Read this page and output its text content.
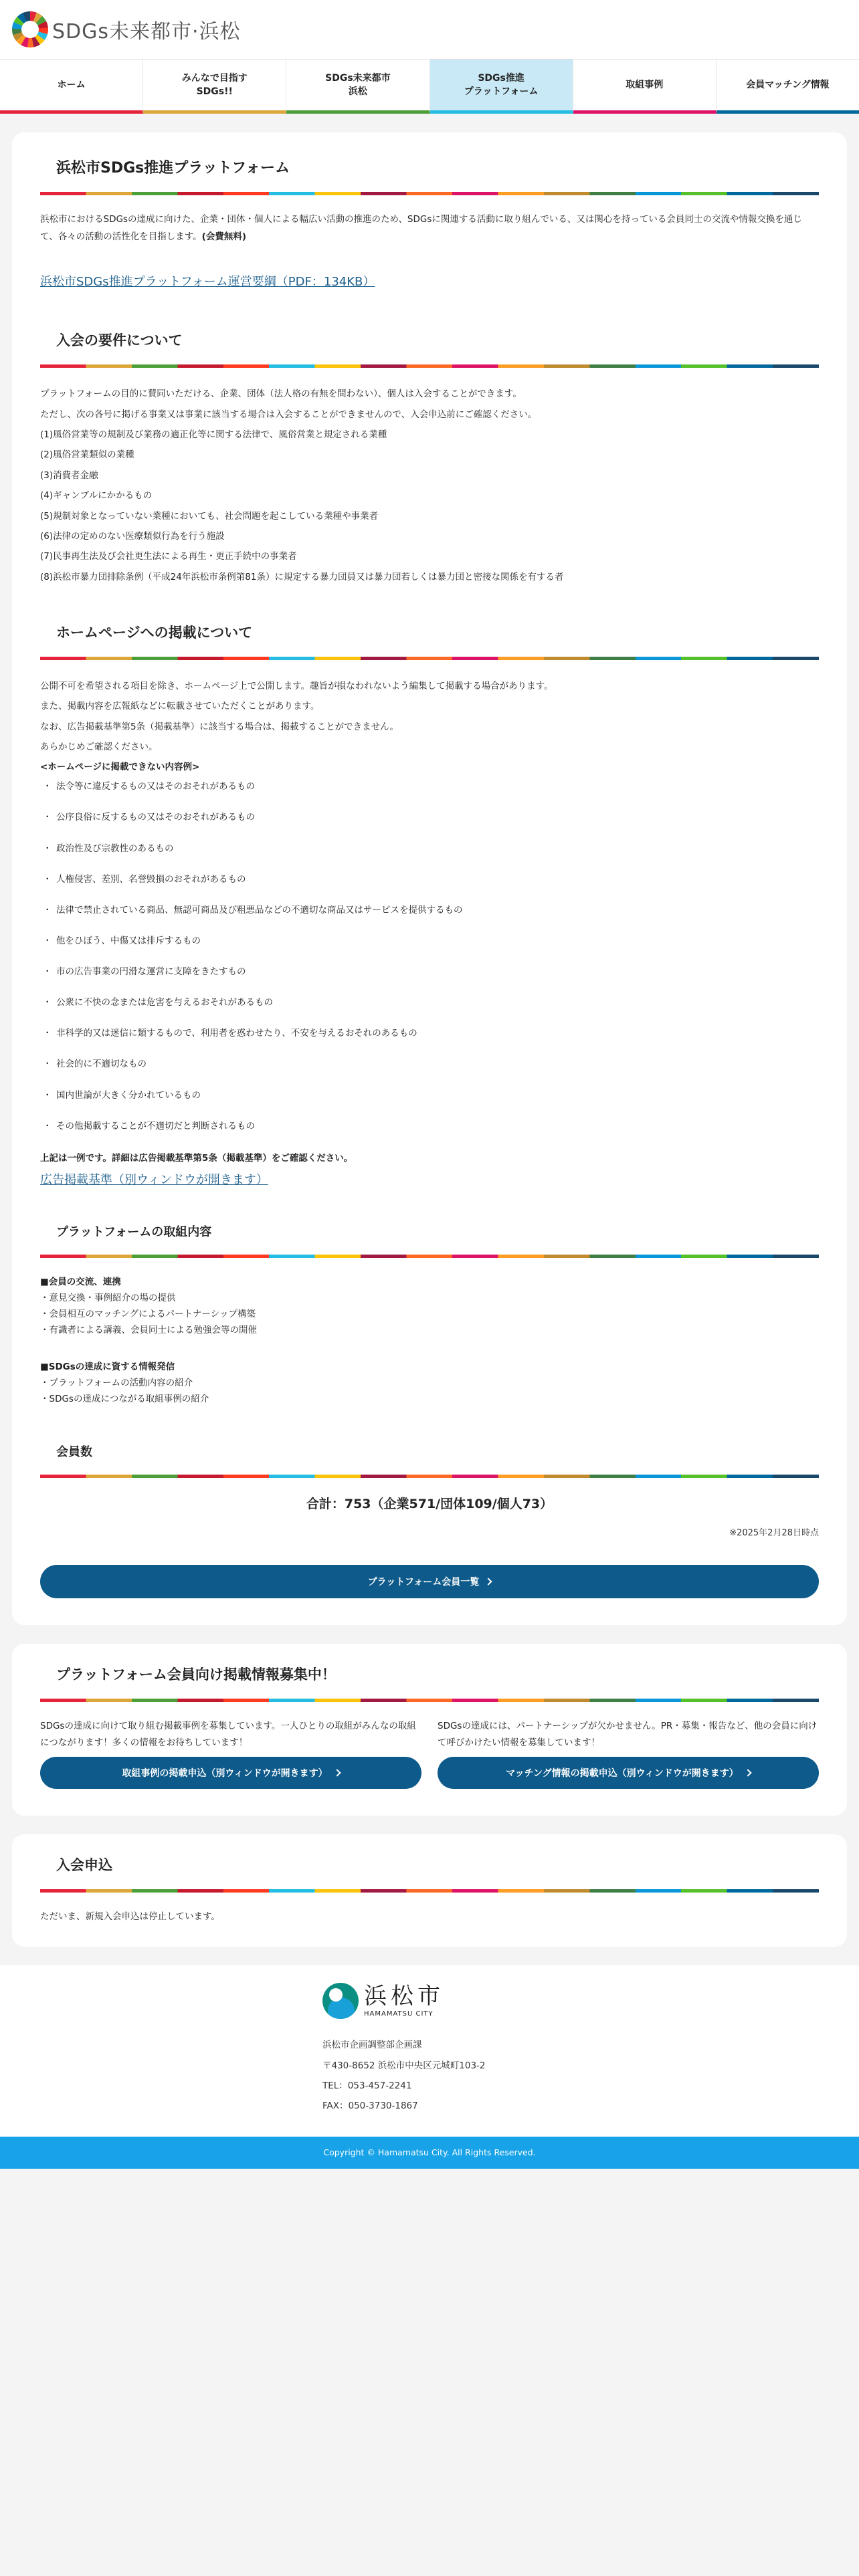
SDGs未来都市·浜松
ホーム
みんなで目指す
SDGs!!
SDGs未来都市
浜松
SDGs推進
プラットフォーム
取組事例	会員マッチング情報
浜松市SDGs推進プラットフォーム

浜松市におけるSDGsの達成に向けた、企業・団体・個人による幅広い活動の推進のため、SDGsに関連する活動に取り組んでいる、又は関心を持っている会員同士の交流や情報交換を通じて、各々の活動の活性化を目指します。(会費無料)

浜松市SDGs推進プラットフォーム運営要綱（PDF：134KB）
入会の要件について

プラットフォームの目的に賛同いただける、企業、団体（法人格の有無を問わない）、個人は入会することができます。

ただし、次の各号に掲げる事業又は事業に該当する場合は入会することができませんので、入会申込前にご確認ください。

(1)風俗営業等の規制及び業務の適正化等に関する法律で、風俗営業と規定される業種

(2)風俗営業類似の業種

(3)消費者金融

(4)ギャンブルにかかるもの

(5)規制対象となっていない業種においても、社会問題を起こしている業種や事業者

(6)法律の定めのない医療類似行為を行う施設

(7)民事再生法及び会社更生法による再生・更正手続中の事業者

(8)浜松市暴力団排除条例（平成24年浜松市条例第81条）に規定する暴力団員又は暴力団若しくは暴力団と密接な関係を有する者

ホームページへの掲載について

公開不可を希望される項目を除き、ホームページ上で公開します。趣旨が損なわれないよう編集して掲載する場合があります。

また、掲載内容を広報紙などに転載させていただくことがあります。

なお、広告掲載基準第5条（掲載基準）に該当する場合は、掲載することができません。

あらかじめご確認ください。

<ホームページに掲載できない内容例>

・ 法令等に違反するもの又はそのおそれがあるもの
・ 公序良俗に反するもの又はそのおそれがあるもの
・ 政治性及び宗教性のあるもの
・ 人権侵害、差別、名誉毀損のおそれがあるもの
・ 法律で禁止されている商品、無認可商品及び粗悪品などの不適切な商品又はサービスを提供するもの
・ 他をひぼう、中傷又は排斥するもの
・ 市の広告事業の円滑な運営に支障をきたすもの
・ 公衆に不快の念または危害を与えるおそれがあるもの
・ 非科学的又は迷信に類するもので、利用者を惑わせたり、不安を与えるおそれのあるもの
・ 社会的に不適切なもの
・ 国内世論が大きく分かれているもの
・ その他掲載することが不適切だと判断されるもの

上記は一例です。詳細は広告掲載基準第5条（掲載基準）をご確認ください。

広告掲載基準（別ウィンドウが開きます）
プラットフォームの取組内容

■会員の交流、連携

・意見交換・事例紹介の場の提供

・会員相互のマッチングによるパートナーシップ構築

・有識者による講義、会員同士による勉強会等の開催

■SDGsの達成に資する情報発信

・プラットフォームの活動内容の紹介

・SDGsの達成につながる取組事例の紹介

会員数

合計：753（企業571/団体109/個人73）

※2025年2月28日時点

プラットフォーム会員一覧
プラットフォーム会員向け掲載情報募集中！

SDGsの達成に向けて取り組む掲載事例を募集しています。一人ひとりの取組がみんなの取組につながります！多くの情報をお待ちしています！

取組事例の掲載申込（別ウィンドウが開きます）

SDGsの達成には、パートナーシップが欠かせません。PR・募集・報告など、他の会員に向けて呼びかけたい情報を募集しています！

マッチング情報の掲載申込（別ウィンドウが開きます）
入会申込

ただいま、新規入会申込は停止しています。

浜松市
HAMAMATSU CITY

浜松市企画調整部企画課

〒430-8652 浜松市中央区元城町103-2

TEL：053-457-2241

FAX：050-3730-1867

Copyright © Hamamatsu City. All Rights Reserved.
